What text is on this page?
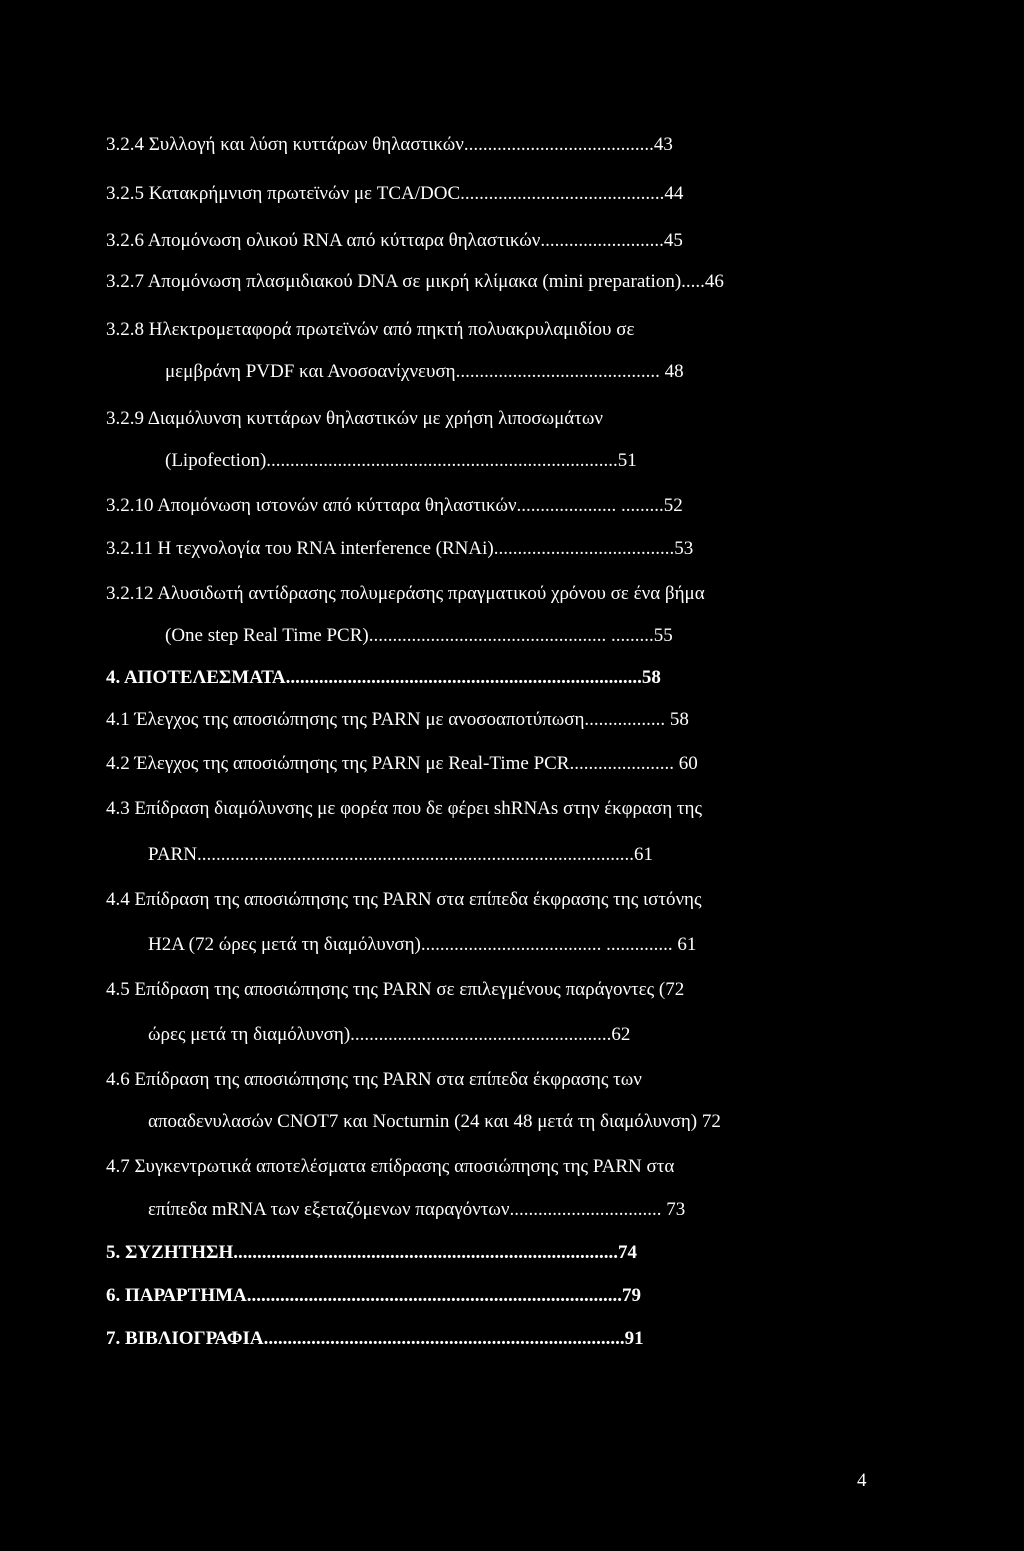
3.2.4 Συλλογή και λύση κυττάρων θηλαστικών........................................43
3.2.5 Κατακρήμνιση πρωτεϊνών με TCA/DOC...........................................44
3.2.6 Απομόνωση ολικού RNA από κύτταρα θηλαστικών..........................45
3.2.7 Απομόνωση πλασμιδιακού DNA σε μικρή κλίμακα (mini preparation).....46
3.2.8 Ηλεκτρομεταφορά πρωτεϊνών από πηκτή πολυακρυλαμιδίου σε
μεμβράνη PVDF και Ανοσοανίχνευση........................................... 48
3.2.9 Διαμόλυνση κυττάρων θηλαστικών με χρήση λιποσωμάτων
(Lipofection)..........................................................................51
3.2.10 Απομόνωση ιστονών από κύτταρα θηλαστικών..................... .........52
3.2.11 Η τεχνολογία του RNA interference (RNAi)......................................53
3.2.12 Αλυσιδωτή αντίδρασης πολυμεράσης πραγματικού χρόνου σε ένα βήμα
(One step Real Time PCR).................................................. .........55
4. ΑΠΟΤΕΛΕΣΜΑΤΑ...........................................................................58
4.1 Έλεγχος της αποσιώπησης της PARN με ανοσοαποτύπωση................. 58
4.2 Έλεγχος της αποσιώπησης της PARN με Real-Time PCR...................... 60
4.3 Επίδραση διαμόλυνσης με φορέα που δε φέρει shRNAs στην έκφραση της
PARN............................................................................................61
4.4 Επίδραση της αποσιώπησης της PARN στα επίπεδα έκφρασης της ιστόνης
H2A (72 ώρες μετά τη διαμόλυνση)...................................... .............. 61
4.5 Επίδραση της αποσιώπησης της PARN σε επιλεγμένους παράγοντες (72
ώρες μετά τη διαμόλυνση).......................................................62
4.6 Επίδραση της αποσιώπησης της PARN στα επίπεδα έκφρασης των
αποαδενυλασών CNOT7 και Nocturnin (24 και 48 μετά τη διαμόλυνση) 72
4.7 Συγκεντρωτικά αποτελέσματα επίδρασης αποσιώπησης της PARN στα
επίπεδα mRNA των εξεταζόμενων παραγόντων................................ 73
5. ΣΥΖΗΤΗΣΗ.................................................................................74
6. ΠΑΡΑΡΤΗΜΑ...............................................................................79
7. ΒΙΒΛΙΟΓΡΑΦΙΑ............................................................................91
4
